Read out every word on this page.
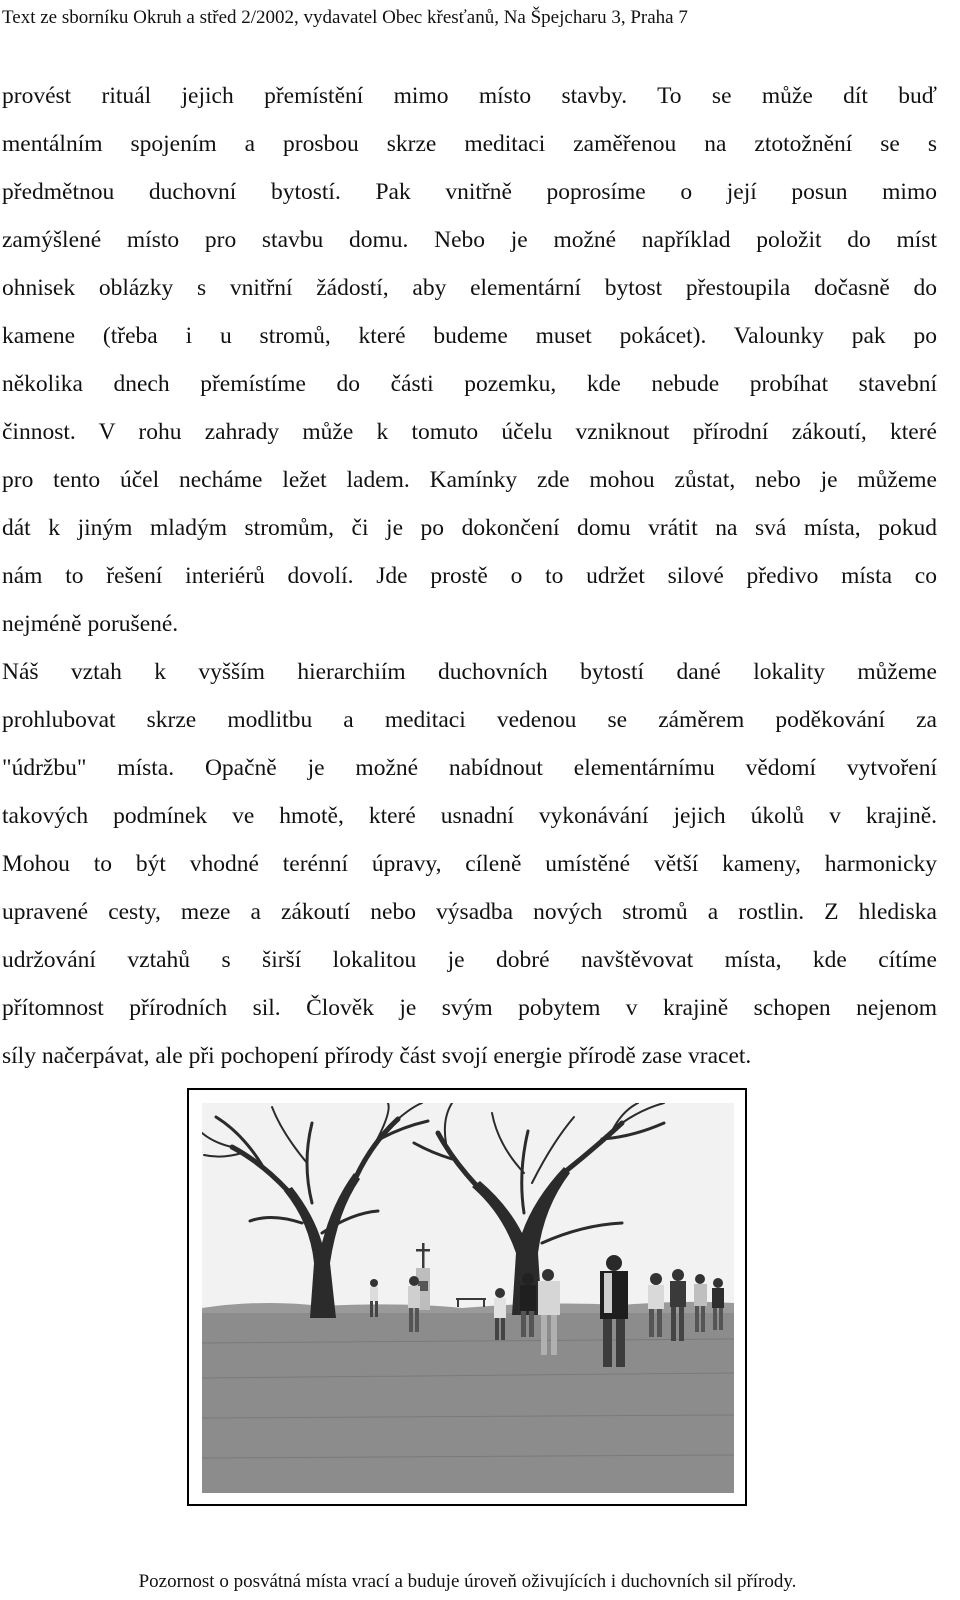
Text ze sborníku Okruh a střed 2/2002, vydavatel Obec křesťanů, Na Špejcharu 3, Praha 7
provést rituál jejich přemístění mimo místo stavby. To se může dít buď
mentálním spojením a prosbou skrze meditaci zaměřenou na ztotožnění se s
předmětnou duchovní bytostí. Pak vnitřně poprosíme o její posun mimo
zamýšlené místo pro stavbu domu. Nebo je možné například položit do míst
ohnisek oblázky s vnitřní žádostí, aby elementární bytost přestoupila dočasně do
kamene (třeba i u stromů, které budeme muset pokácet). Valounky pak po
několika dnech přemístíme do části pozemku, kde nebude probíhat stavební
činnost. V rohu zahrady může k tomuto účelu vzniknout přírodní zákoutí, které
pro tento účel necháme ležet ladem. Kamínky zde mohou zůstat, nebo je můžeme
dát k jiným mladým stromům, či je po dokončení domu vrátit na svá místa, pokud
nám to řešení interiérů dovolí. Jde prostě o to udržet silové předivo místa co
nejméně porušené.
Náš vztah k vyšším hierarchiím duchovních bytostí dané lokality můžeme
prohlubovat skrze modlitbu a meditaci vedenou se záměrem poděkování za
"údržbu" místa. Opačně je možné nabídnout elementárnímu vědomí vytvoření
takových podmínek ve hmotě, které usnadní vykonávání jejich úkolů v krajině.
Mohou to být vhodné terénní úpravy, cíleně umístěné větší kameny, harmonicky
upravené cesty, meze a zákoutí nebo výsadba nových stromů a rostlin. Z hlediska
udržování vztahů s širší lokalitou je dobré navštěvovat místa, kde cítíme
přítomnost přírodních sil. Člověk je svým pobytem v krajině schopen nejenom
síly načerpávat, ale při pochopení přírody část svojí energie přírodě zase vracet.
Pozornost o posvátná místa vrací a buduje úroveň oživujících i duchovních sil přírody.
